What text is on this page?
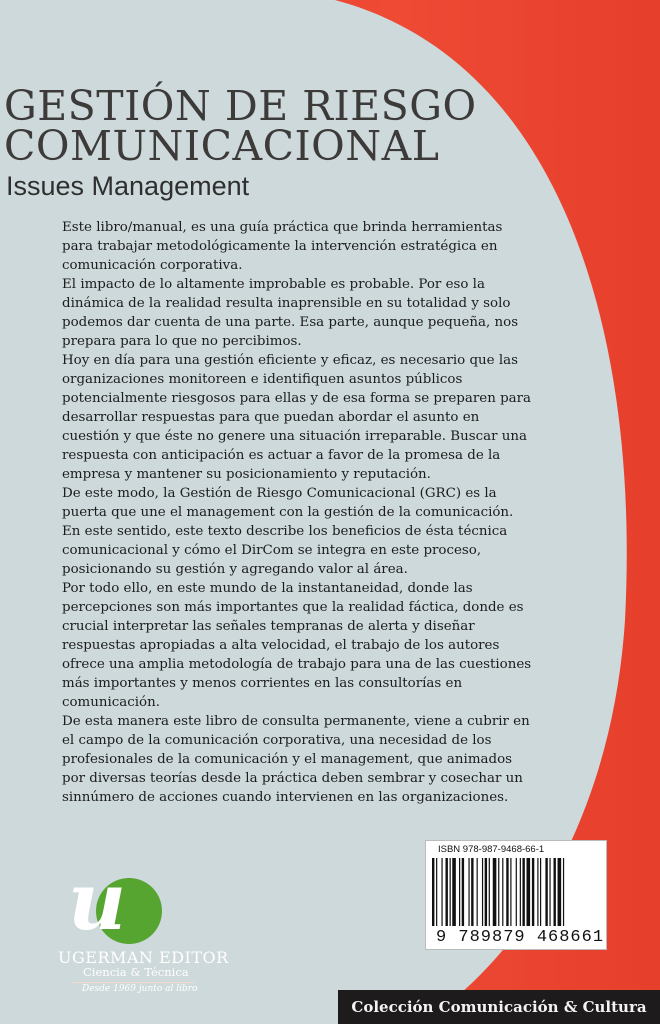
GESTIÓN DE RIESGO
COMUNICACIONAL
Issues Management

Este libro/manual, es una guía práctica que brinda herramientas para trabajar metodológicamente la intervención estratégica en comunicación corporativa.

El impacto de lo altamente improbable es probable. Por eso la dinámica de la realidad resulta inaprensible en su totalidad y solo podemos dar cuenta de una parte. Esa parte, aunque pequeña, nos prepara para lo que no percibimos.

Hoy en día para una gestión eficiente y eficaz, es necesario que las organizaciones monitoreen e identifiquen asuntos públicos potencialmente riesgosos para ellas y de esa forma se preparen para desarrollar respuestas para que puedan abordar el asunto en cuestión y que éste no genere una situación irreparable. Buscar una respuesta con anticipación es actuar a favor de la promesa de la empresa y mantener su posicionamiento y reputación.

De este modo, la Gestión de Riesgo Comunicacional (GRC) es la puerta que une el management con la gestión de la comunicación. En este sentido, este texto describe los beneficios de ésta técnica comunicacional y cómo el DirCom se integra en este proceso, posicionando su gestión y agregando valor al área.

Por todo ello, en este mundo de la instantaneidad, donde las percepciones son más importantes que la realidad fáctica, donde es crucial interpretar las señales tempranas de alerta y diseñar respuestas apropiadas a alta velocidad, el trabajo de los autores ofrece una amplia metodología de trabajo para una de las cuestiones más importantes y menos corrientes en las consultorías en comunicación.

De esta manera este libro de consulta permanente, viene a cubrir en el campo de la comunicación corporativa, una necesidad de los profesionales de la comunicación y el management, que animados por diversas teorías desde la práctica deben sembrar y cosechar un sinnúmero de acciones cuando intervienen en las organizaciones.

ISBN 978-987-9468-66-1
9 789879 468661
u
UGERMAN EDITOR
Ciencia & Técnica
Desde 1969 junto al libro
Colección Comunicación & Cultura
